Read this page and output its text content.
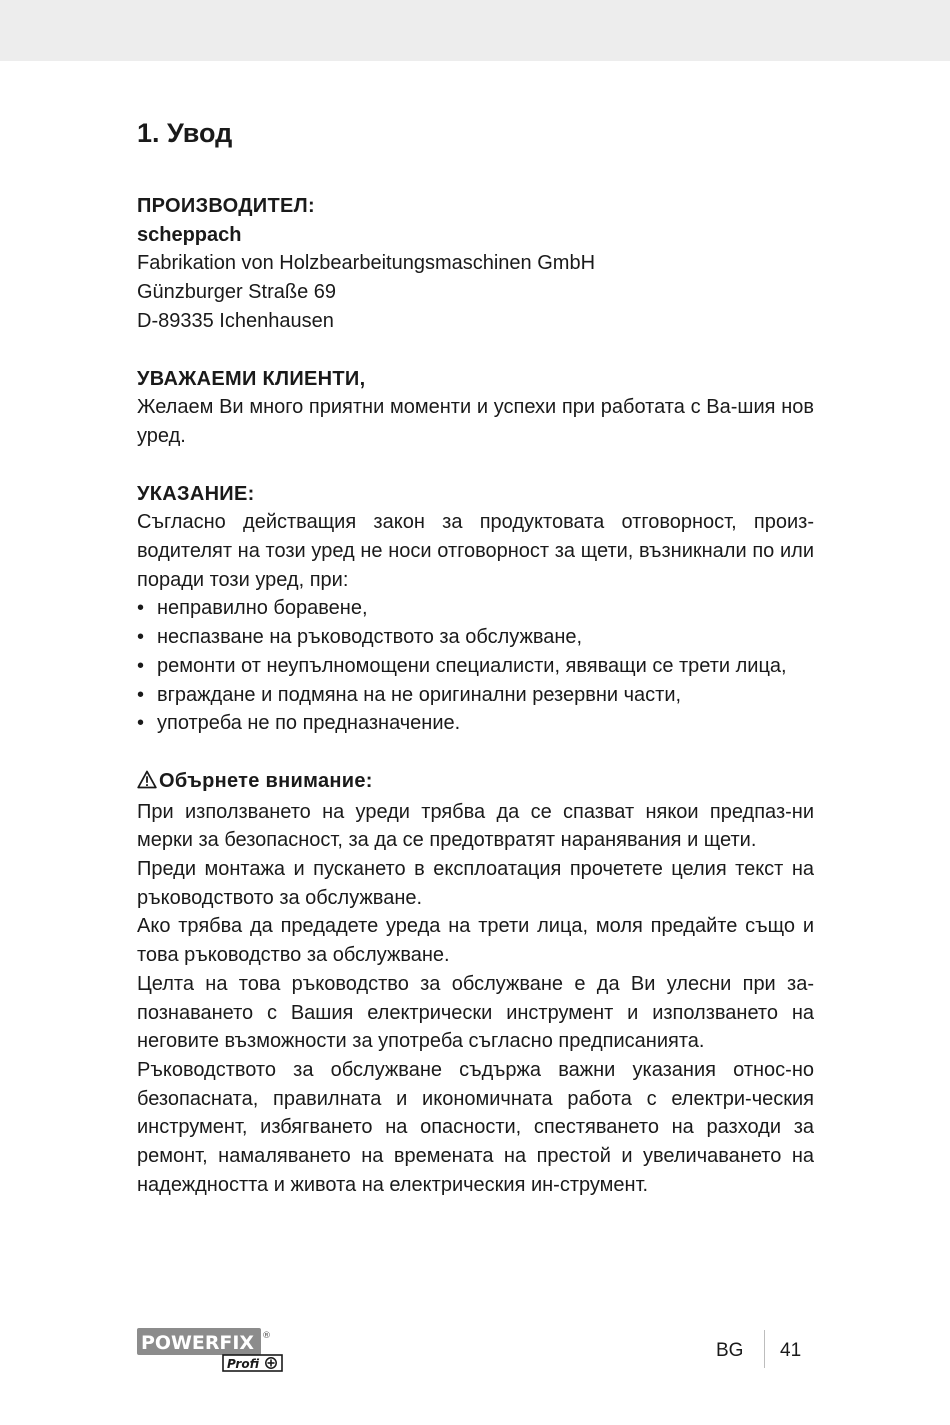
1. Увод
ПРОИЗВОДИТЕЛ:
scheppach
Fabrikation von Holzbearbeitungsmaschinen GmbH
Günzburger Straße 69
D-89335 Ichenhausen
УВАЖАЕМИ КЛИЕНТИ,

Желаем Ви много приятни моменти и успехи при работата с Ва-шия нов уред.

УКАЗАНИЕ:

Съгласно действащия закон за продуктовата отговорност, произ-водителят на този уред не носи отговорност за щети, възникнали по или поради този уред, при:

• неправилно боравене,
• неспазване на ръководството за обслужване,
• ремонти от неупълномощени специалисти, явяващи се трети лица,
• вграждане и подмяна на не оригинални резервни части,
• употреба не по предназначение.
Обърнете внимание:

При използването на уреди трябва да се спазват някои предпаз-ни мерки за безопасност, за да се предотвратят наранявания и щети.

Преди монтажа и пускането в експлоатация прочетете целия текст на ръководството за обслужване.

Ако трябва да предадете уреда на трети лица, моля предайте също и това ръководство за обслужване.

Целта на това ръководство за обслужване е да Ви улесни при за-познаването с Вашия електрически инструмент и използването на неговите възможности за употреба съгласно предписанията.

Ръководството за обслужване съдържа важни указания относ-но безопасната, правилната и икономичната работа с електри-ческия инструмент, избягването на опасности, спестяването на разходи за ремонт, намаляването на времената на престой и увеличаването на надеждността и живота на електрическия ин-струмент.

POWERFIX ®
Profi
BG 41
